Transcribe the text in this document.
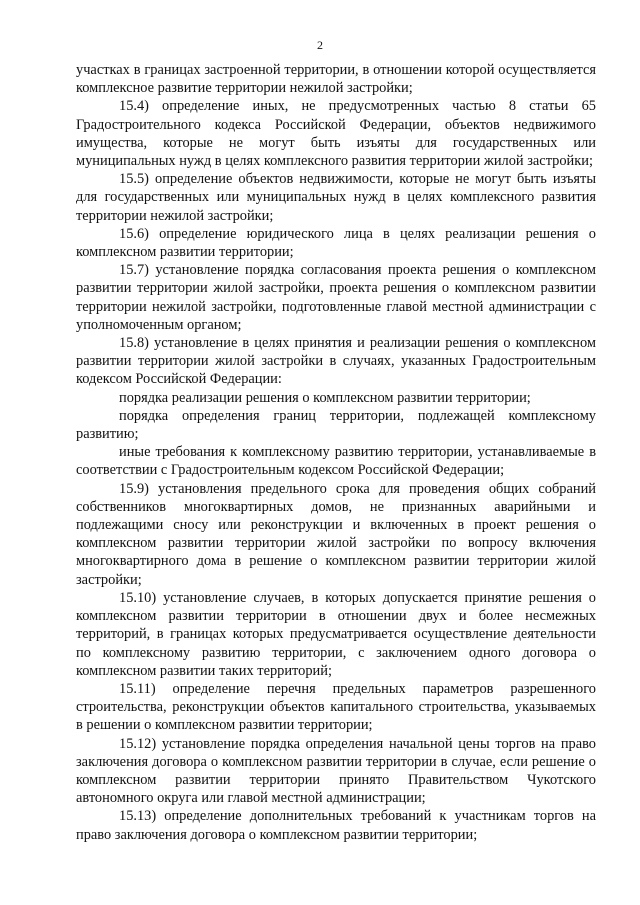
2

участках в границах застроенной территории, в отношении которой осуществляется комплексное развитие территории нежилой застройки;

15.4) определение иных, не предусмотренных частью 8 статьи 65 Градостроительного кодекса Российской Федерации, объектов недвижимого имущества, которые не могут быть изъяты для государственных или муниципальных нужд в целях комплексного развития территории жилой застройки;

15.5) определение объектов недвижимости, которые не могут быть изъяты для государственных или муниципальных нужд в целях комплексного развития территории нежилой застройки;

15.6) определение юридического лица в целях реализации решения о комплексном развитии территории;

15.7) установление порядка согласования проекта решения о комплексном развитии территории жилой застройки, проекта решения о комплексном развитии территории нежилой застройки, подготовленные главой местной администрации с уполномоченным органом;

15.8) установление в целях принятия и реализации решения о комплексном развитии территории жилой застройки в случаях, указанных Градостроительным кодексом Российской Федерации:

порядка реализации решения о комплексном развитии территории;

порядка определения границ территории, подлежащей комплексному развитию;

иные требования к комплексному развитию территории, устанавливаемые в соответствии с Градостроительным кодексом Российской Федерации;

15.9) установления предельного срока для проведения общих собраний собственников многоквартирных домов, не признанных аварийными и подлежащими сносу или реконструкции и включенных в проект решения о комплексном развитии территории жилой застройки по вопросу включения многоквартирного дома в решение о комплексном развитии территории жилой застройки;

15.10) установление случаев, в которых допускается принятие решения о комплексном развитии территории в отношении двух и более несмежных территорий, в границах которых предусматривается осуществление деятельности по комплексному развитию территории, с заключением одного договора о комплексном развитии таких территорий;

15.11) определение перечня предельных параметров разрешенного строительства, реконструкции объектов капитального строительства, указываемых в решении о комплексном развитии территории;

15.12) установление порядка определения начальной цены торгов на право заключения договора о комплексном развитии территории в случае, если решение о комплексном развитии территории принято Правительством Чукотского автономного округа или главой местной администрации;

15.13) определение дополнительных требований к участникам торгов на право заключения договора о комплексном развитии территории;
